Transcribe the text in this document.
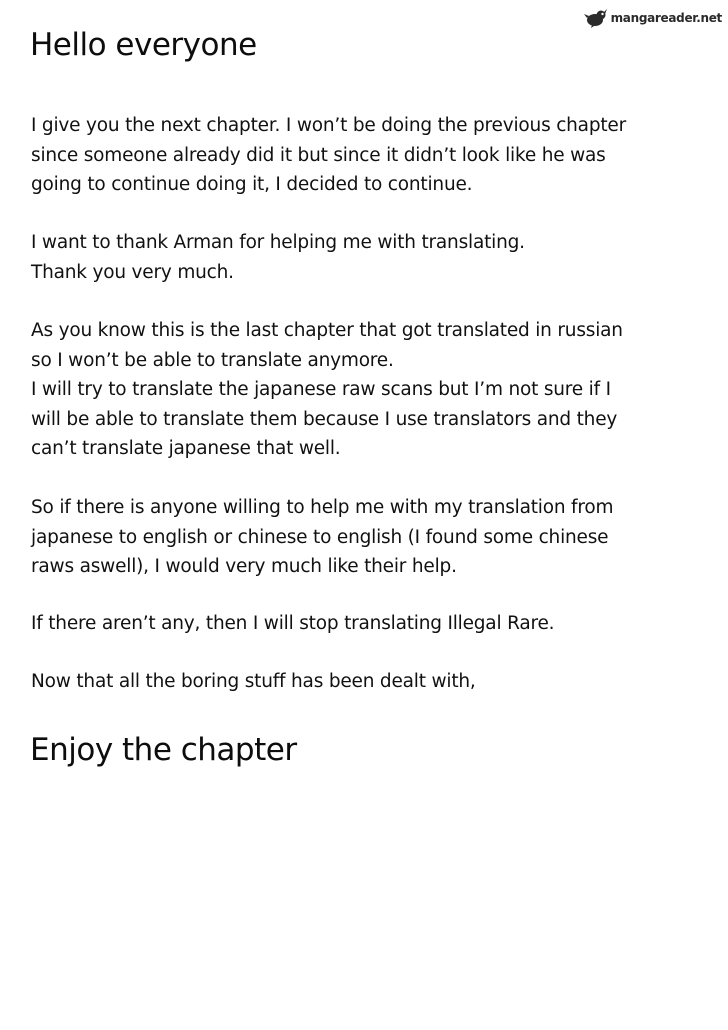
mangareader.net
Hello everyone
I give you the next chapter. I won’t be doing the previous chapter
since someone already did it but since it didn’t look like he was
going to continue doing it, I decided to continue.
I want to thank Arman for helping me with translating.
Thank you very much.
As you know this is the last chapter that got translated in russian
so I won’t be able to translate anymore.
I will try to translate the japanese raw scans but I’m not sure if I
will be able to translate them because I use translators and they
can’t translate japanese that well.
So if there is anyone willing to help me with my translation from
japanese to english or chinese to english (I found some chinese
raws aswell), I would very much like their help.
If there aren’t any, then I will stop translating Illegal Rare.
Now that all the boring stuff has been dealt with,
Enjoy the chapter
